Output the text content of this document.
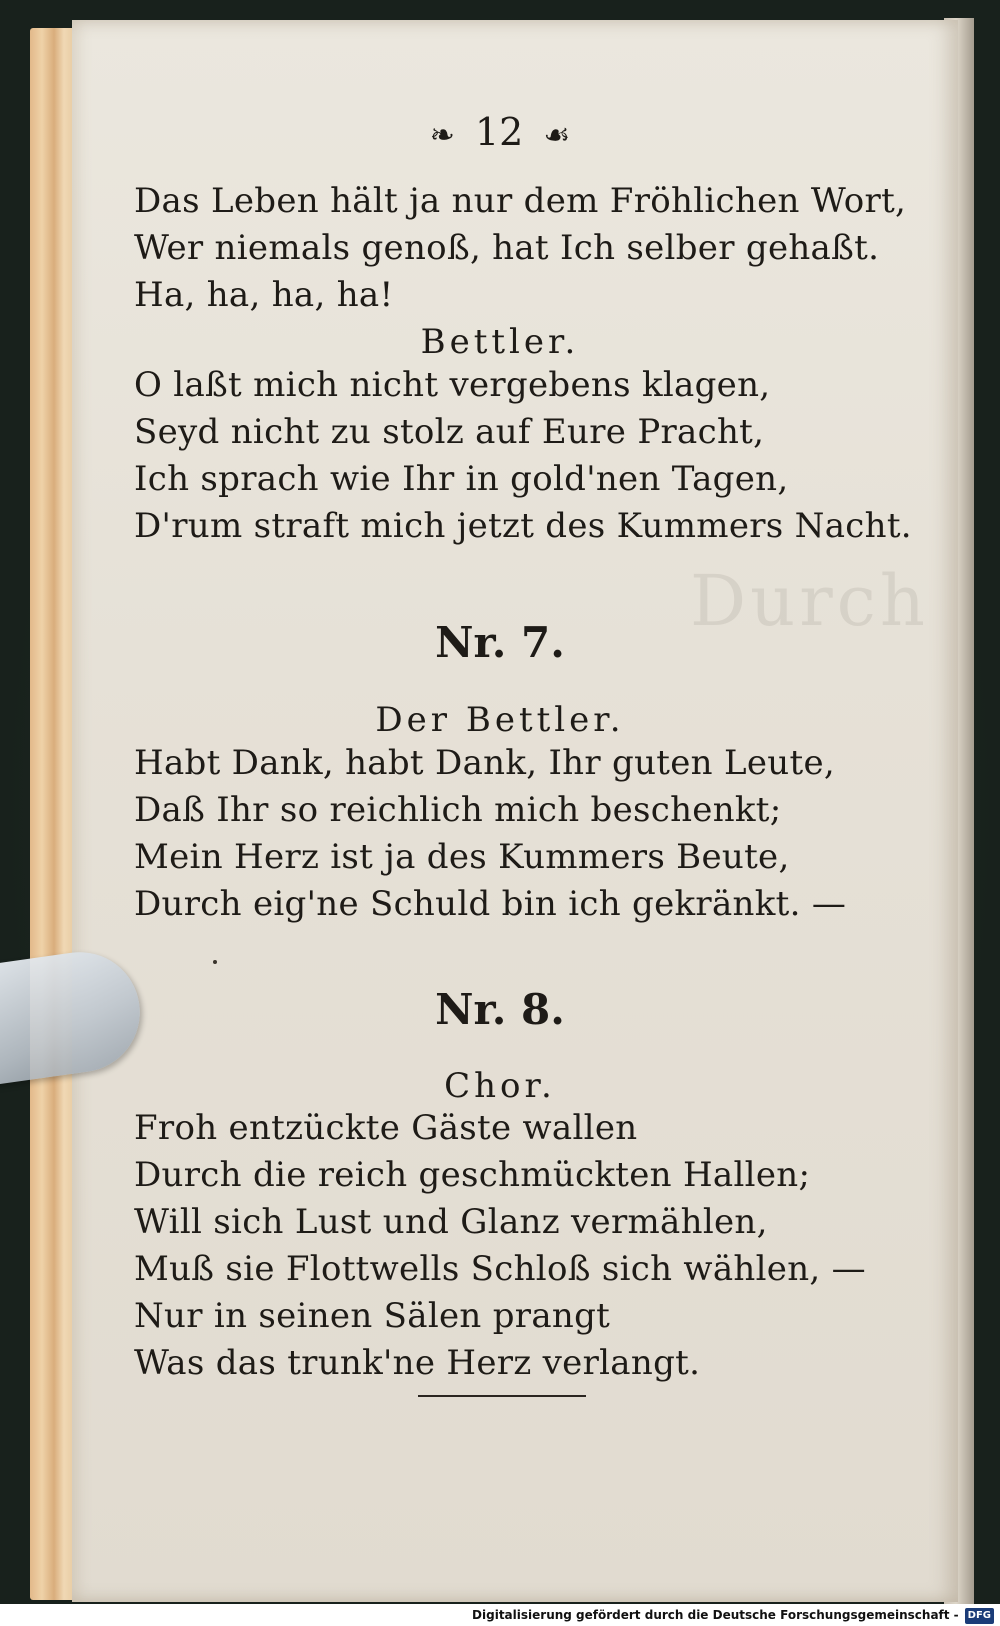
Durch
❧ 12 ☙
Das Leben hält ja nur dem Fröhlichen Wort,
Wer niemals genoß, hat Ich selber gehaßt.
Ha, ha, ha, ha!
Bettler.
O laßt mich nicht vergebens klagen,
Seyd nicht zu stolz auf Eure Pracht,
Ich sprach wie Ihr in gold'nen Tagen,
D'rum straft mich jetzt des Kummers Nacht.
Nr. 7.
Der Bettler.
Habt Dank, habt Dank, Ihr guten Leute,
Daß Ihr so reichlich mich beschenkt;
Mein Herz ist ja des Kummers Beute,
Durch eig'ne Schuld bin ich gekränkt. —
Nr. 8.
Chor.
Froh entzückte Gäste wallen
Durch die reich geschmückten Hallen;
Will sich Lust und Glanz vermählen,
Muß sie Flottwells Schloß sich wählen, —
Nur in seinen Sälen prangt
Was das trunk'ne Herz verlangt.
Digitalisierung gefördert durch die Deutsche Forschungsgemeinschaft - DFG
